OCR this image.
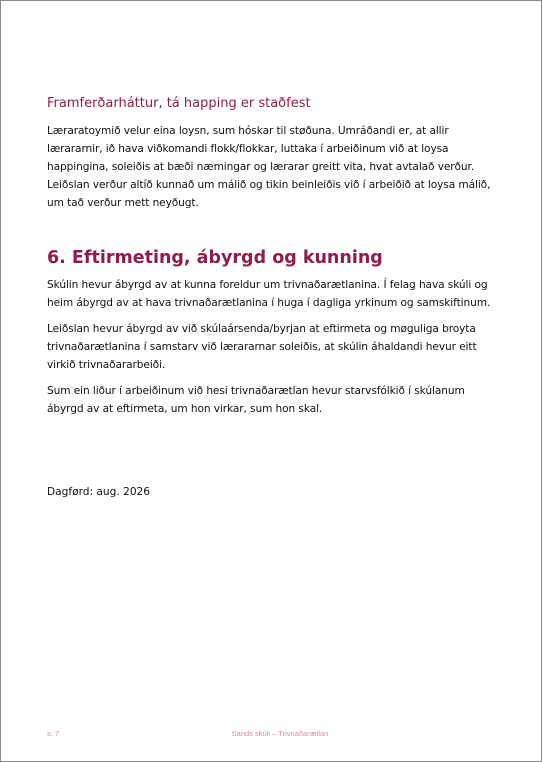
Framferðarháttur, tá happing er staðfest

Læraratoymið velur eina loysn, sum hóskar til støðuna. Umráðandi er, at allir lærararnir, ið hava viðkomandi flokk/flokkar, luttaka í arbeiðinum við at loysa happingina, soleiðis at bæði næmingar og lærarar greitt vita, hvat avtalað verður. Leiðslan verður altíð kunnað um málið og tikin beinleiðis við í arbeiðið at loysa málið, um tað verður mett neyðugt.

6. Eftirmeting, ábyrgd og kunning

Skúlin hevur ábyrgd av at kunna foreldur um trivnaðarætlanina. Í felag hava skúli og heim ábyrgd av at hava trivnaðarætlanina í huga í dagliga yrkinum og samskiftinum.

Leiðslan hevur ábyrgd av við skúlaársenda/byrjan at eftirmeta og møguliga broyta trivnaðarætlanina í samstarv við lærararnar soleiðis, at skúlin áhaldandi hevur eitt virkið trivnaðararbeiði.

Sum ein liður í arbeiðinum við hesi trivnaðarætlan hevur starvsfólkið í skúlanum ábyrgd av at eftirmeta, um hon virkar, sum hon skal.

Dagførd: aug. 2026

s. 7	Sands skúli – Trivnaðarætlan
